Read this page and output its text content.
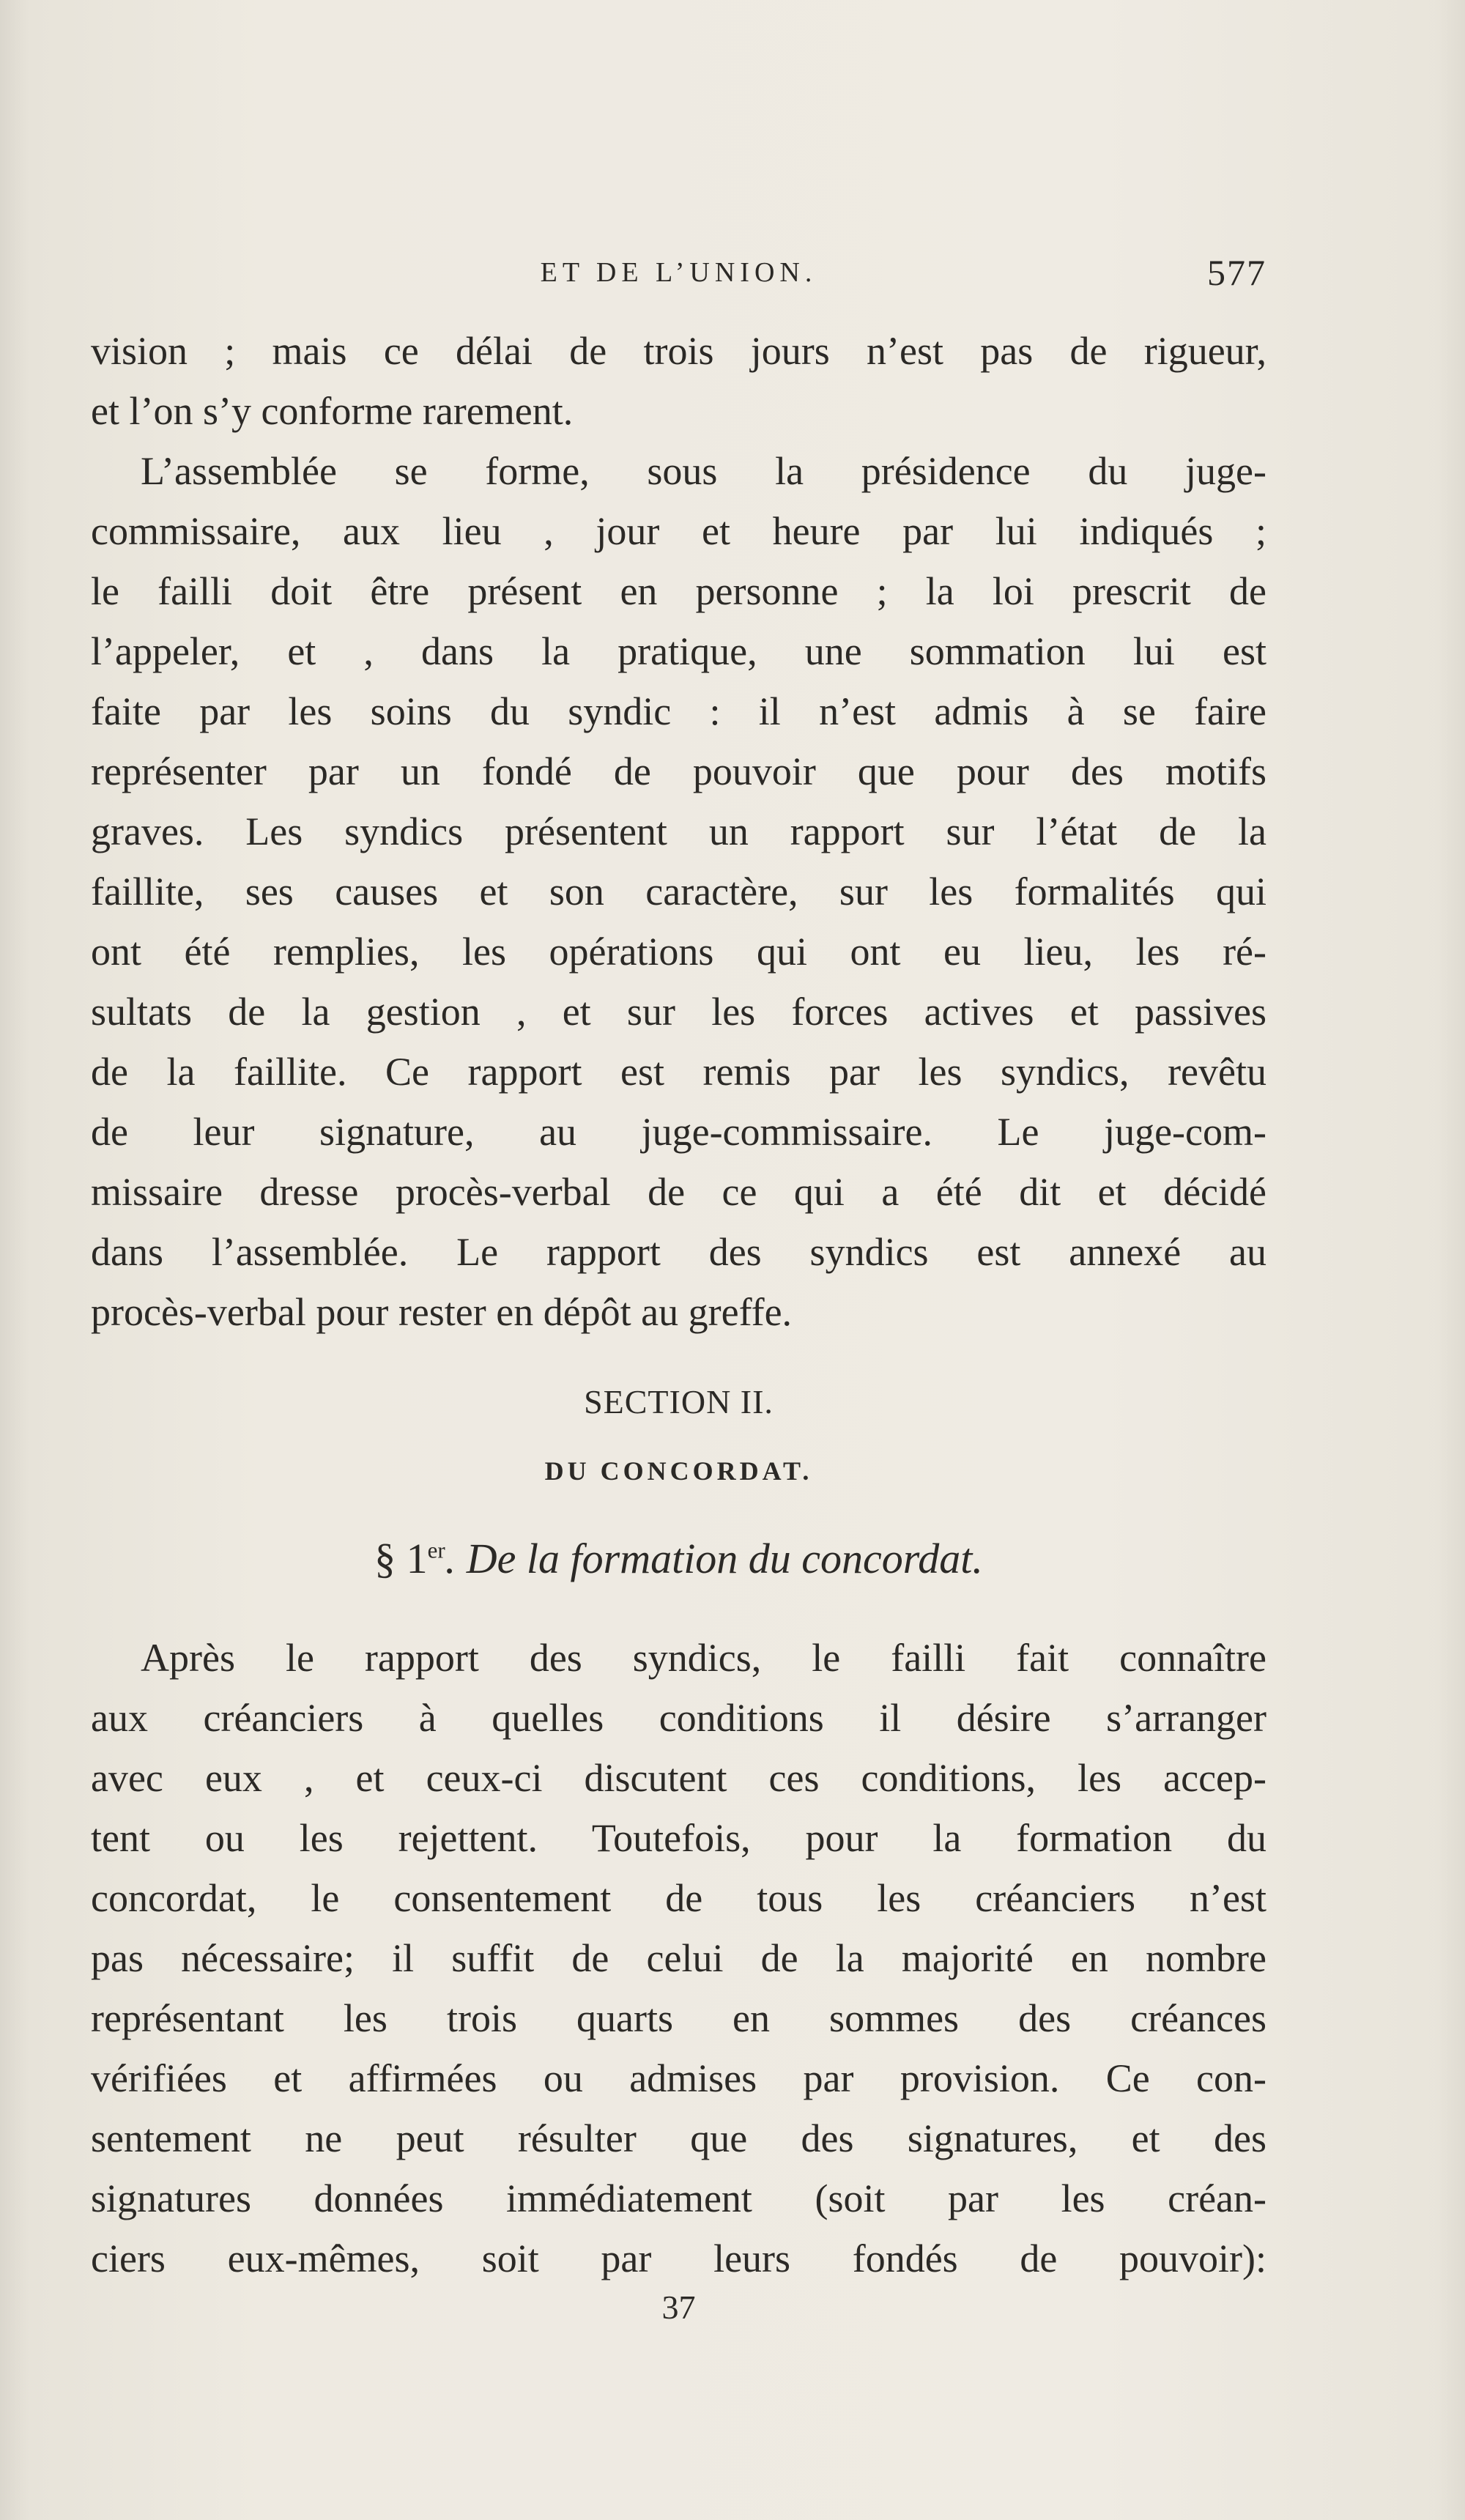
ET DE L’UNION.	577
vision ; mais ce délai de trois jours n’est pas de rigueur,
et l’on s’y conforme rarement.
L’assemblée se forme, sous la présidence du juge-
commissaire, aux lieu , jour et heure par lui indiqués ;
le failli doit être présent en personne ; la loi prescrit de
l’appeler, et , dans la pratique, une sommation lui est
faite par les soins du syndic : il n’est admis à se faire
représenter par un fondé de pouvoir que pour des motifs
graves. Les syndics présentent un rapport sur l’état de la
faillite, ses causes et son caractère, sur les formalités qui
ont été remplies, les opérations qui ont eu lieu, les ré-
sultats de la gestion , et sur les forces actives et passives
de la faillite. Ce rapport est remis par les syndics, revêtu
de leur signature, au juge-commissaire. Le juge-com-
missaire dresse procès-verbal de ce qui a été dit et décidé
dans l’assemblée. Le rapport des syndics est annexé au
procès-verbal pour rester en dépôt au greffe.
SECTION II.
DU CONCORDAT.
§ 1er. De la formation du concordat.
Après le rapport des syndics, le failli fait connaître
aux créanciers à quelles conditions il désire s’arranger
avec eux , et ceux-ci discutent ces conditions, les accep-
tent ou les rejettent. Toutefois, pour la formation du
concordat, le consentement de tous les créanciers n’est
pas nécessaire; il suffit de celui de la majorité en nombre
représentant les trois quarts en sommes des créances
vérifiées et affirmées ou admises par provision. Ce con-
sentement ne peut résulter que des signatures, et des
signatures données immédiatement (soit par les créan-
ciers eux-mêmes, soit par leurs fondés de pouvoir):
37
